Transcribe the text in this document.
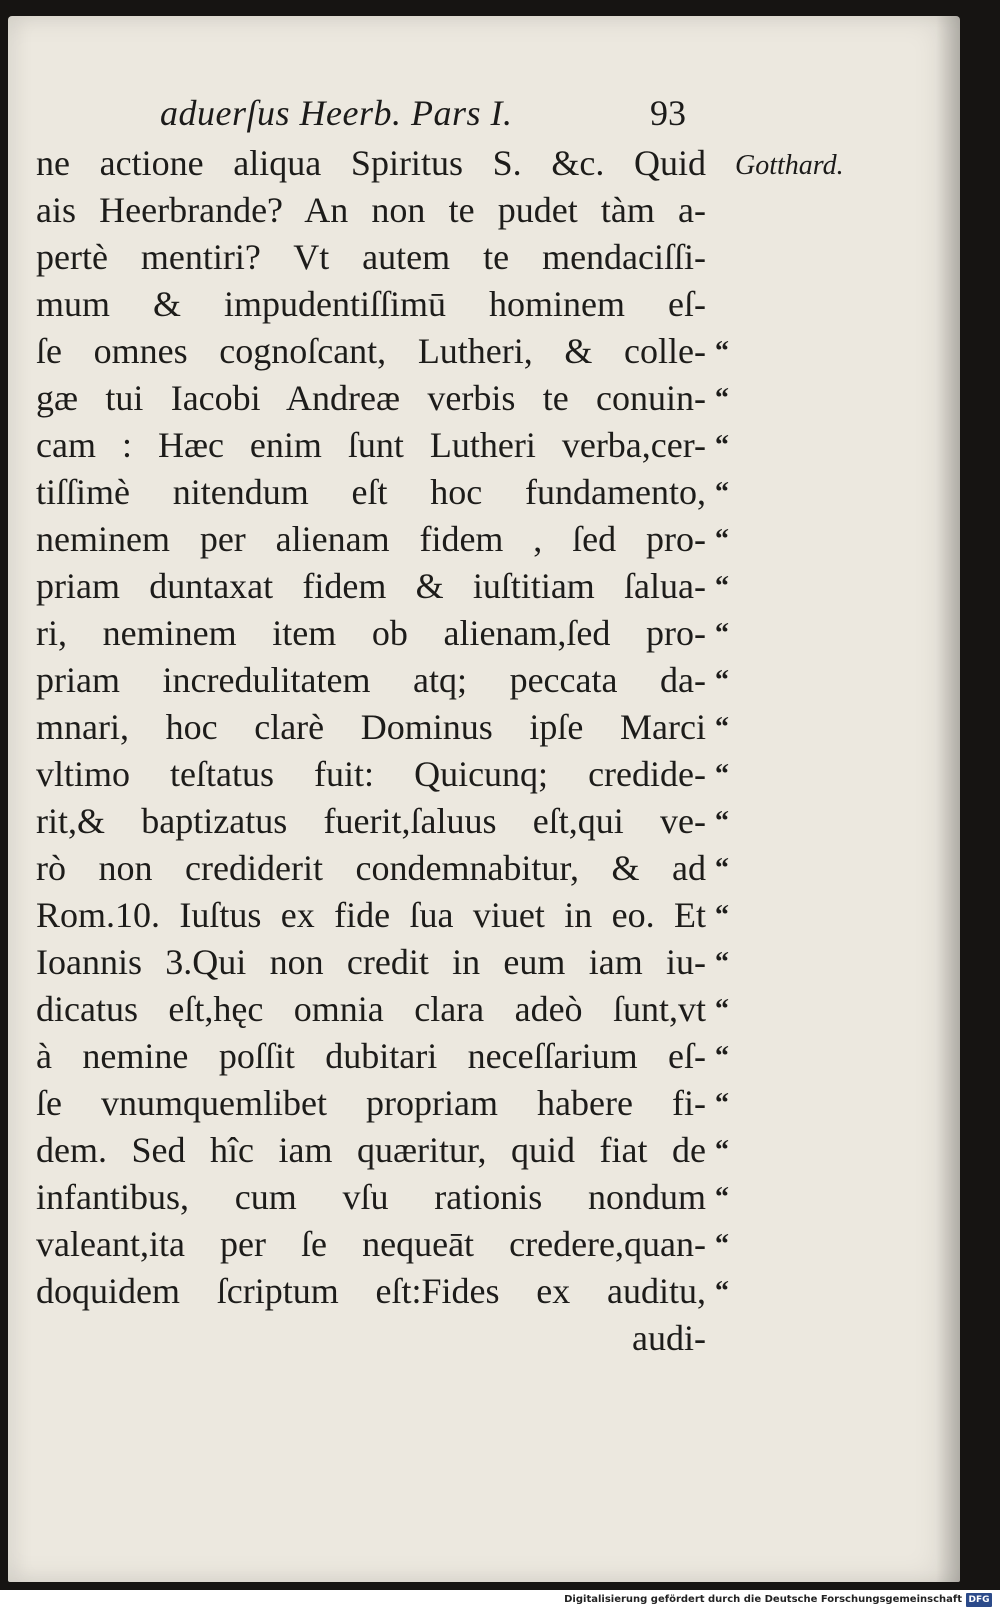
aduerſus Heerb. Pars I.	93
Gotthard.
ne actione aliqua Spiritus S. &c. Quid
ais Heerbrande? An non te pudet tàm a-
pertè mentiri? Vt autem te mendaciſſi-
mum & impudentiſſimū hominem eſ-
ſe omnes cognoſcant, Lutheri, & colle-
gæ tui Iacobi Andreæ verbis te conuin-
cam : Hæc enim ſunt Lutheri verba,cer-
tiſſimè nitendum eſt hoc fundamento,
neminem per alienam fidem , ſed pro-
priam duntaxat fidem & iuſtitiam ſalua-
ri, neminem item ob alienam,ſed pro-
priam incredulitatem atq; peccata da-
mnari, hoc clarè Dominus ipſe Marci
vltimo teſtatus fuit: Quicunq; credide-
rit,& baptizatus fuerit,ſaluus eſt,qui ve-
rò non crediderit condemnabitur, & ad
Rom.10. Iuſtus ex fide ſua viuet in eo. Et
Ioannis 3.Qui non credit in eum iam iu-
dicatus eſt,hęc omnia clara adeò ſunt,vt
à nemine poſſit dubitari neceſſarium eſ-
ſe vnumquemlibet propriam habere fi-
dem. Sed hîc iam quæritur, quid fiat de
infantibus, cum vſu rationis nondum
valeant,ita per ſe nequeāt credere,quan-
doquidem ſcriptum eſt:Fides ex auditu,
audi-
“
“
“
“
“
“
“
“
“
“
“
“
“
“
“
“
“
“
“
“
“
Digitalisierung gefördert durch die Deutsche Forschungsgemeinschaft DFG
